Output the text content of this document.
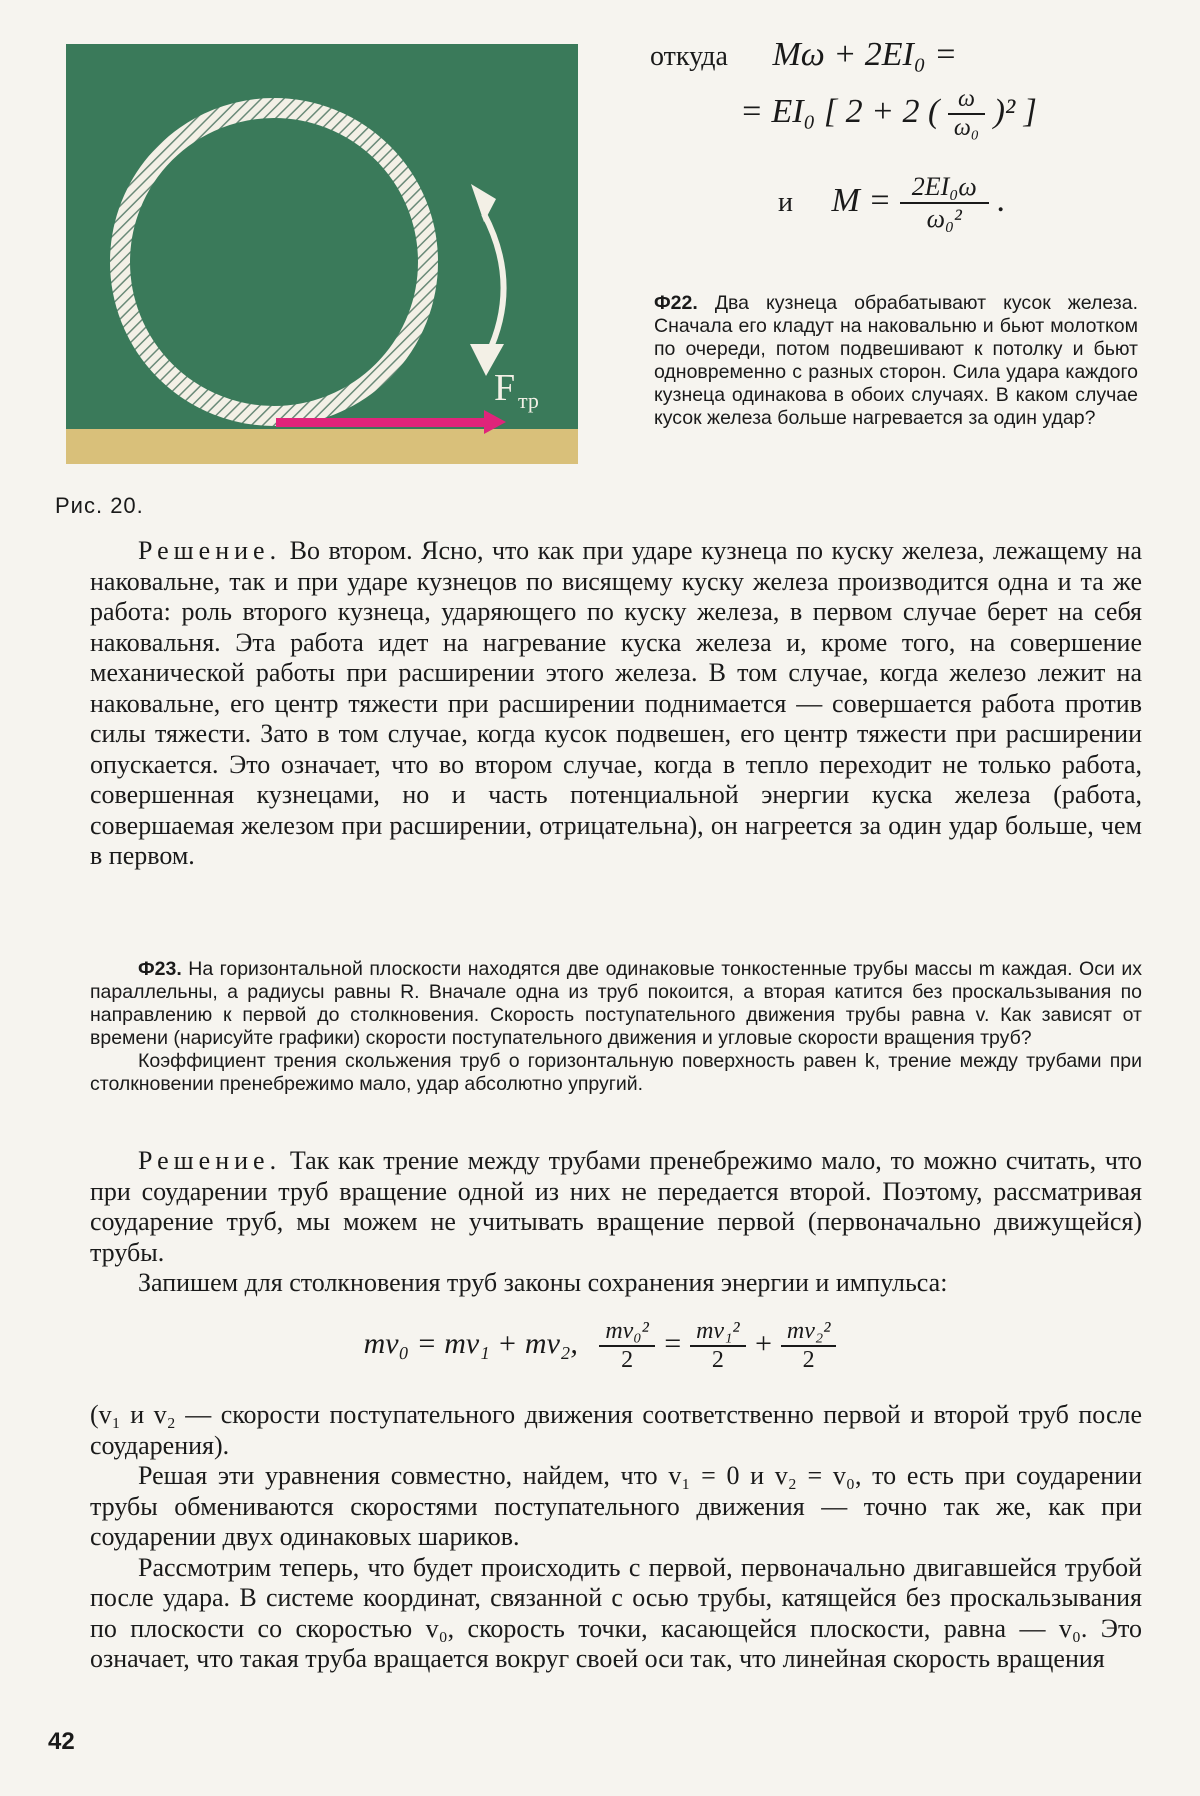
F тр
Рис. 20.
откуда Mω + 2EI₀ =
= EI₀ [ 2 + 2 ( $\frac{\omega}{\text{ω₀}} )^2$ ]
и $M = \frac{\text{2EI₀ω}}{\text{ω₀²}}$ .
Ф22. Два кузнеца обрабатывают кусок железа. Сначала его кладут на наковальню и бьют молотком по очереди, потом подвешивают к потолку и бьют одновременно с разных сторон. Сила удара каждого кузнеца одинакова в обоих случаях. В каком случае кусок железа больше нагревается за один удар?

Решение. Во втором. Ясно, что как при ударе кузнеца по куску железа, лежащему на наковальне, так и при ударе кузнецов по висящему куску железа производится одна и та же работа: роль второго кузнеца, ударяющего по куску железа, в первом случае берет на себя наковальня. Эта работа идет на нагревание куска железа и, кроме того, на совершение механической работы при расширении этого железа. В том случае, когда железо лежит на наковальне, его центр тяжести при расширении поднимается — совершается работа против силы тяжести. Зато в том случае, когда кусок подвешен, его центр тяжести при расширении опускается. Это означает, что во втором случае, когда в тепло переходит не только работа, совершенная кузнецами, но и часть потенциальной энергии куска железа (работа, совершаемая железом при расширении, отрицательна), он нагреется за один удар больше, чем в первом.

Ф23. На горизонтальной плоскости находятся две одинаковые тонкостенные трубы массы m каждая. Оси их параллельны, а радиусы равны R. Вначале одна из труб покоится, а вторая катится без проскальзывания по направлению к первой до столкновения. Скорость поступательного движения трубы равна v. Как зависят от времени (нарисуйте графики) скорости поступательного движения и угловые скорости вращения труб?
Коэффициент трения скольжения труб о горизонтальную поверхность равен k, трение между трубами при столкновении пренебрежимо мало, удар абсолютно упругий.

Решение. Так как трение между трубами пренебрежимо мало, то можно считать, что при соударении труб вращение одной из них не передается второй. Поэтому, рассматривая соударение труб, мы можем не учитывать вращение первой (первоначально движущейся) трубы.

Запишем для столкновения труб законы сохранения энергии и импульса:

mv₀ = mv₁ + mv₂, $\frac{\text{mv₀²}}{2} = \frac{\text{mv₁²}}{2} + \frac{\text{mv₂²}}{2}$

(v₁ и v₂ — скорости поступательного движения соответственно первой и второй труб после соударения).

Решая эти уравнения совместно, найдем, что v₁ = 0 и v₂ = v₀, то есть при соударении трубы обмениваются скоростями поступательного движения — точно так же, как при соударении двух одинаковых шариков.

Рассмотрим теперь, что будет происходить с первой, первоначально двигавшейся трубой после удара. В системе координат, связанной с осью трубы, катящейся без проскальзывания по плоскости со скоростью v₀, скорость точки, касающейся плоскости, равна — v₀. Это означает, что такая труба вращается вокруг своей оси так, что линейная скорость вращения

42
